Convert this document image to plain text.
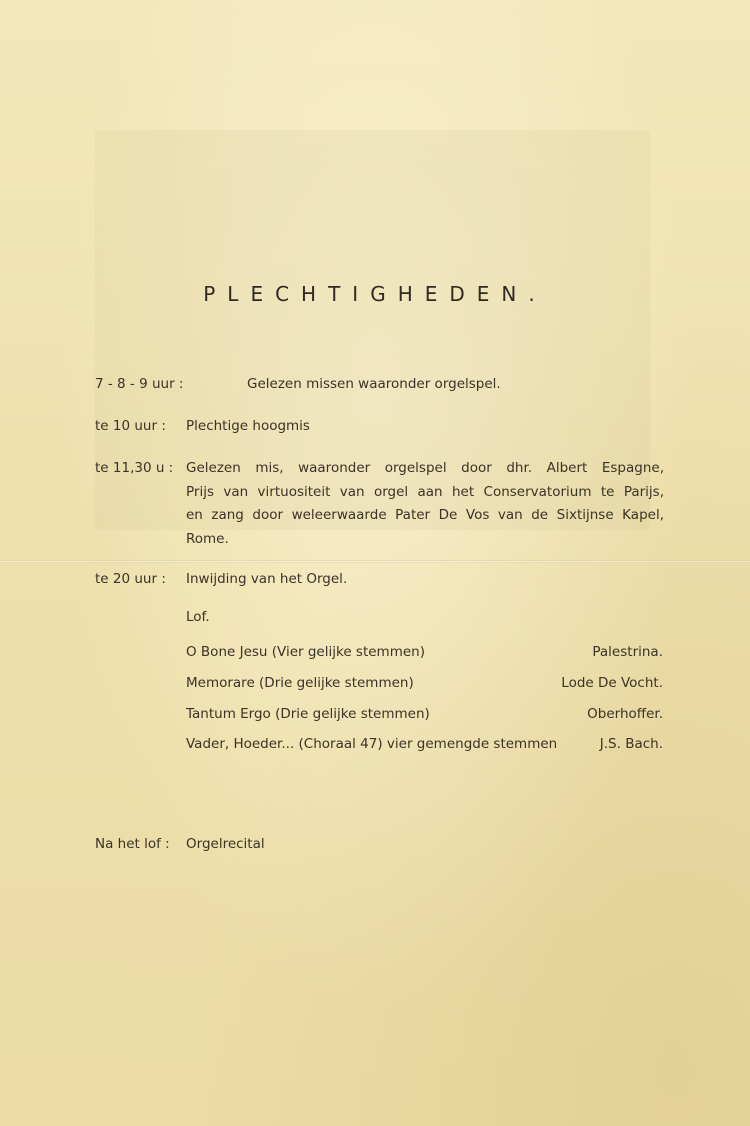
PLECHTIGHEDEN.
7 - 8 - 9 uur :	Gelezen missen waaronder orgelspel.
te 10 uur : Plechtige hoogmis
te 11,30 u : Gelezen mis, waaronder orgelspel door dhr. Albert Espagne,
Prijs van virtuositeit van orgel aan het Conservatorium te Parijs,
en zang door weleerwaarde Pater De Vos van de Sixtijnse Kapel,
Rome.
te 20 uur : Inwijding van het Orgel.
Lof.
O Bone Jesu (Vier gelijke stemmen)	Palestrina.
Memorare (Drie gelijke stemmen)	Lode De Vocht.
Tantum Ergo (Drie gelijke stemmen)	Oberhoffer.
Vader, Hoeder... (Choraal 47) vier gemengde stemmen	J.S. Bach.
Na het lof : Orgelrecital
